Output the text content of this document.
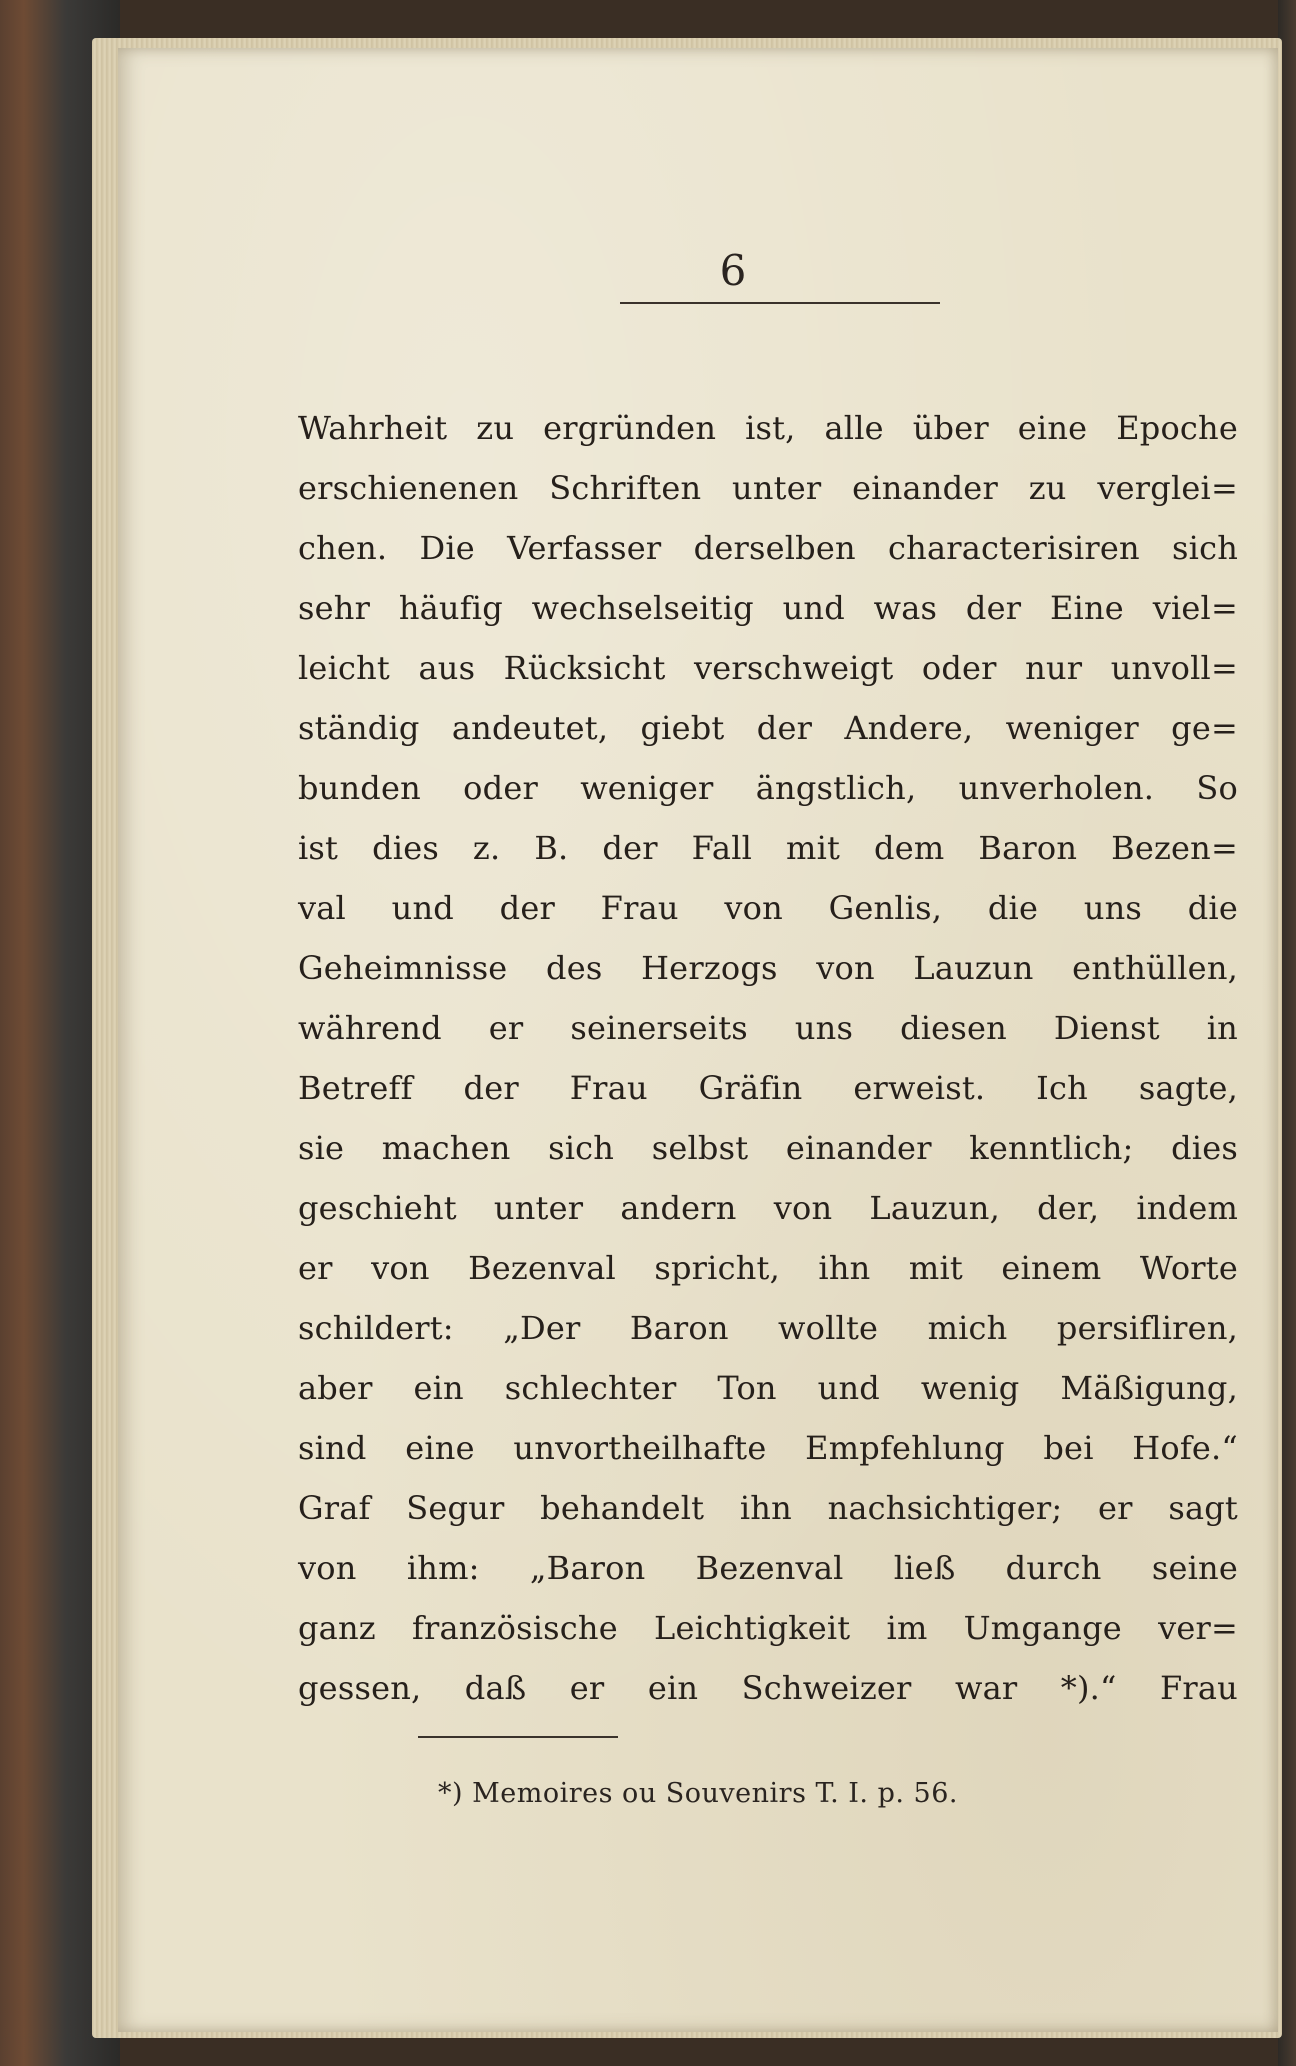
6
Wahrheit zu ergründen ist, alle über eine Epoche
erschienenen Schriften unter einander zu verglei=
chen. Die Verfasser derselben characterisiren sich
sehr häufig wechselseitig und was der Eine viel=
leicht aus Rücksicht verschweigt oder nur unvoll=
ständig andeutet, giebt der Andere, weniger ge=
bunden oder weniger ängstlich, unverholen. So
ist dies z. B. der Fall mit dem Baron Bezen=
val und der Frau von Genlis, die uns die
Geheimnisse des Herzogs von Lauzun enthüllen,
während er seinerseits uns diesen Dienst in
Betreff der Frau Gräfin erweist. Ich sagte,
sie machen sich selbst einander kenntlich; dies
geschieht unter andern von Lauzun, der, indem
er von Bezenval spricht, ihn mit einem Worte
schildert: „Der Baron wollte mich persifliren,
aber ein schlechter Ton und wenig Mäßigung,
sind eine unvortheilhafte Empfehlung bei Hofe.“
Graf Segur behandelt ihn nachsichtiger; er sagt
von ihm: „Baron Bezenval ließ durch seine
ganz französische Leichtigkeit im Umgange ver=
gessen, daß er ein Schweizer war *).“ Frau
*) Memoires ou Souvenirs T. I. p. 56.
